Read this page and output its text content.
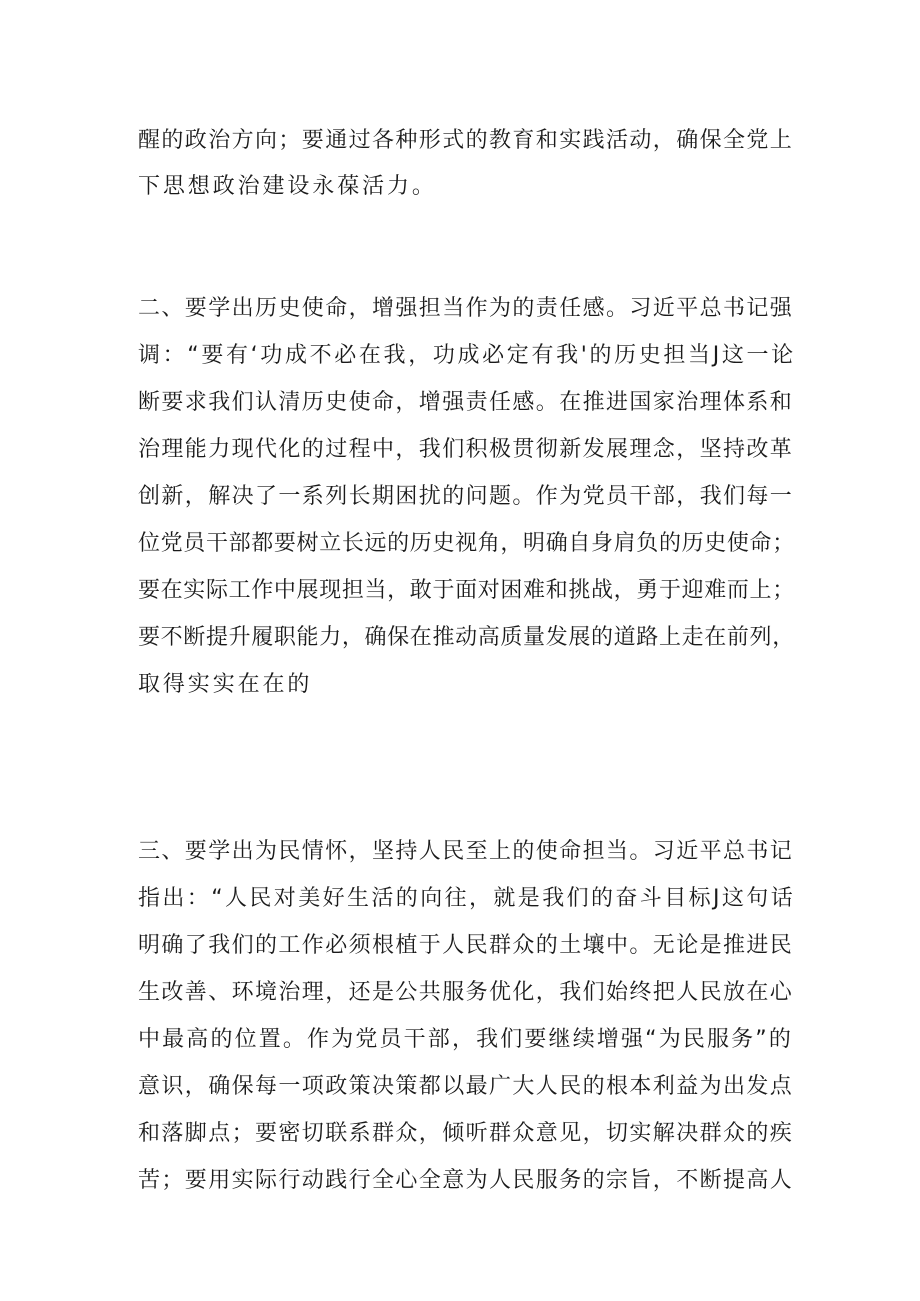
醒的政治方向；要通过各种形式的教育和实践活动，确保全党上
下思想政治建设永葆活力。
二、要学出历史使命，增强担当作为的责任感。习近平总书记强
调：“要有‘功成不必在我，功成必定有我'的历史担当J这一论
断要求我们认清历史使命，增强责任感。在推进国家治理体系和
治理能力现代化的过程中，我们积极贯彻新发展理念，坚持改革
创新，解决了一系列长期困扰的问题。作为党员干部，我们每一
位党员干部都要树立长远的历史视角，明确自身肩负的历史使命；
要在实际工作中展现担当，敢于面对困难和挑战，勇于迎难而上；
要不断提升履职能力，确保在推动高质量发展的道路上走在前列，
取得实实在在的
三、要学出为民情怀，坚持人民至上的使命担当。习近平总书记
指出：“人民对美好生活的向往，就是我们的奋斗目标J这句话
明确了我们的工作必须根植于人民群众的土壤中。无论是推进民
生改善、环境治理，还是公共服务优化，我们始终把人民放在心
中最高的位置。作为党员干部，我们要继续增强“为民服务”的
意识，确保每一项政策决策都以最广大人民的根本利益为出发点
和落脚点；要密切联系群众，倾听群众意见，切实解决群众的疾
苦；要用实际行动践行全心全意为人民服务的宗旨，不断提高人
